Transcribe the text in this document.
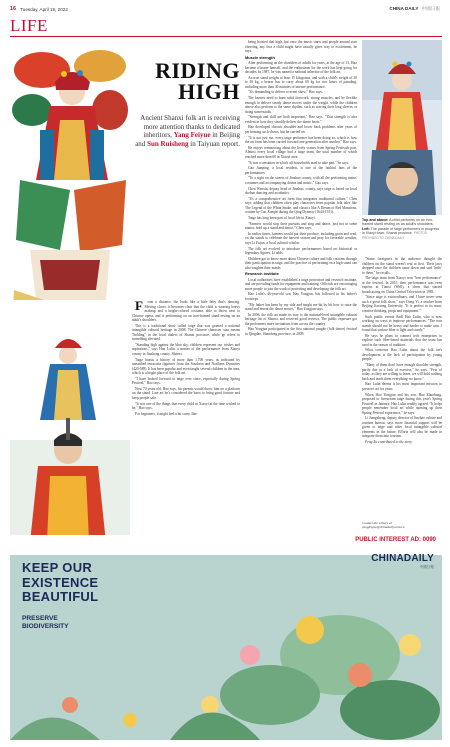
16 Tuesday, April 19, 2022	CHINA DAILY 中國日報
LIFE
RIDING
HIGH
Ancient Shanxi folk art is receiving more attention thanks to dedicated inheritors, Yang Feiyue in Beijing and Sun Ruisheng in Taiyuan report.

F rom a distance, the looks like a little fairy that's dancing. Moving closer, it becomes clear that the child is wearing heavy makeup and a bright-colored costume, able to throw next to Chinese opera, and is performing on an iron-framed stand resting on an adult's shoulders.

This is a traditional show called taige that was granted a national intangible cultural heritage in 2008. The Chinese character xiao means "holding" in the local dialect of Shanxi province, while ge refers to something elevated.

"Standing high against the blue sky, children represent our wishes and aspirations," says Han Lulin, a master of the performance from Xiaoyi county in Jinzhong county, Shanxi.

Taige boasts a history of more than 1,700 years, as indicated by unearthed terracotta figurines from the Southern and Northern Dynasties (420-589). It has been popular and even taught several children in the area, which is a bright place of the folk art.

"I have looked forward to taige ever since, especially during Spring Festival," Hao says.

Now 70 years old, Hao says, his parents would throw him on a platform on the stand. Late art he's considered the basis to bring good fortune and keep people safe.

"It was one of the things that every child in Xiaoyi at the time wished to be," Hao says.

For beginners, it might feel a bit scary, like

being hoisted that high, but once the music starts and people around start cheering, any fear a child might have usually gives way to excitement, he says.

Muscle strength

After performing on the shoulders of adults for years, at the age of 15, Hao became a bearer himself, and the enthusiasm for the work has kept going for decades. In 1987, he was named a national inheritor of the folk art.

An iron stand weighs at least 15 kilograms, and with a child's weight of 20 to 30 kg, a bearer has to carry about 60 kg for two hours of parading, including more than 30 minutes of intense performance.

"It's demanding to deliver a recent show," Hao says.

The bearers need to hone solid footwork, strong muscles, and be flexible enough to deliver steady dance moves under the weight, while the children above also perform to the same rhythm, such as waving their long sleeves or doing somersaults.

"Strength and skill are both important," Hao says. "That strength is also evident in how they steadily deliver the dance beats."

Hao developed chronic shoulder and lower back problems after years of performing such shows, but he carried on.

"It is not just me, every taige performer has been doing so, which is how the art form has been carried forward one generation after another," Hao says.

He enjoys reminiscing about the lively scenes from Spring Festivals past. Almost every local village had a taige team, the total number of which reached more than 60 in Xiaoyi area.

"It was a sensation in which all households used to take part," he says.

Gao Jianping, a local resident, is one of the faithful fans of the performances.

"To a sight on the streets of Jinzhao county, with all the performing teams' costumes and accompanying drums and music," Gao says.

Chen Wenxia, deputy head of Jinzhao, county, says taige is based on local shehuo dancing and acrobatics.

"It's a comprehensive art form that integrates traditional culture," Chen says, adding that children often play characters from popular folk tales like The Legend of the White Snake, and classics like A Dream of Red Mansions, written by Cao Xueqin during the Qing Dynasty (1644-1911).

Taige has long been part of local life in Xiaoyi.

"Farmers would stop their pursuits and sing and dance, just not in some manor, hold up a stand and dance," Chen says.

In earlier times, farmers would put their produce, including grain and reed, on the stands to celebrate the harvest season and pray for favorable weather, says Li Fujun, a local cultural scholar.

The folk art evolved to introduce performances based on historical or legendary figures, Li adds.

Children got to know more about Chinese culture and folk customs through their participation in taige, and the practice of performing on a high stand can also toughen their minds.

Research institute

Local authorities have established a taige protection and research institute, and are providing funds for equipment and training. Officials are encouraging more people to join the work of protecting and developing the folk art.

Hao Lulin's 46-year-old son, Hao Yongjun, has followed in his father's footsteps.

"My father has been by my side and taught me bit by bit how to raise the stand and invent the dance moves," Hao Yongjun says.

In 2006, the folk art made its way to the national-level intangible cultural heritage list of Shanxi, and received good reviews. The public exposure got the performers more invitations from across the country.

Hao Yongjun participated in the first national yangko (folk dance) festival in Qingdao, Shandong province, in 2009.

Top and above: A child performs on an iron-framed stand resting on an adult's shoulders. Left: The parade of taige performers in progress in Xiaoyi town, Shanxi province. PHOTOS PROVIDED TO CHINA DAILY

"Some foreigners in the audience thought the children on the stand weren't real at first. Their jaws dropped once the children came down and said 'hello' to them," he recalls.

The taige team from Xiaoyi won "best performance" at the festival. In 2015, their performance was even experts at Tianxi (Well), a show that started broadcasting on China Central Television in 1983.

"Since taige is extraordinary, and I have never seen such a great folk show," says Dong Yi, a teacher from Beijing Jiaotong University. "It is perfect in its stunt, creative thinking, props and equipment."

Such public events thrill Hao Lulin, who is now working on ways to improve performances. "The iron stands should not be heavy and harder to make rain. I found that surface fiber is light and sturdy."

He says he plans to connect tech enterprises to explore such fiber-based materials that the team has used in the season of tradition.

What concerns Hao Lulin about the folk art's development is the lack of participation by young people.

"Many of them don't have enough shoulder strength, partly due to a lack of exercise," he says. "Few of today, as they are willing to learn, we will hold nothing back and teach them everything we know."

Hao Lulin deems it his most important mission to preserve art for years.

When Hao Yongjun and his son, Hao Zhuobang, proposed to livestream taige during this year's Spring Festival in January, Hao Lulin readily agreed. "It helps people remember local art while opening up their Spring Festival experience," he says.

Li Jiangzheng, deputy director of Jinzhao culture and tourism bureau, says more financial support will be given to taige and other local intangible cultural elements in the future. Efforts will also be made to integrate them into tourism.

Feng Xu contributed to the story.

Contact the writers at
yangfeiyue@chinadaily.com.cn
PUBLIC INTEREST AD: 0090
CHINADAILY
中國日報
KEEP OUR
EXISTENCE
BEAUTIFUL
PRESERVE
BIODIVERSITY
